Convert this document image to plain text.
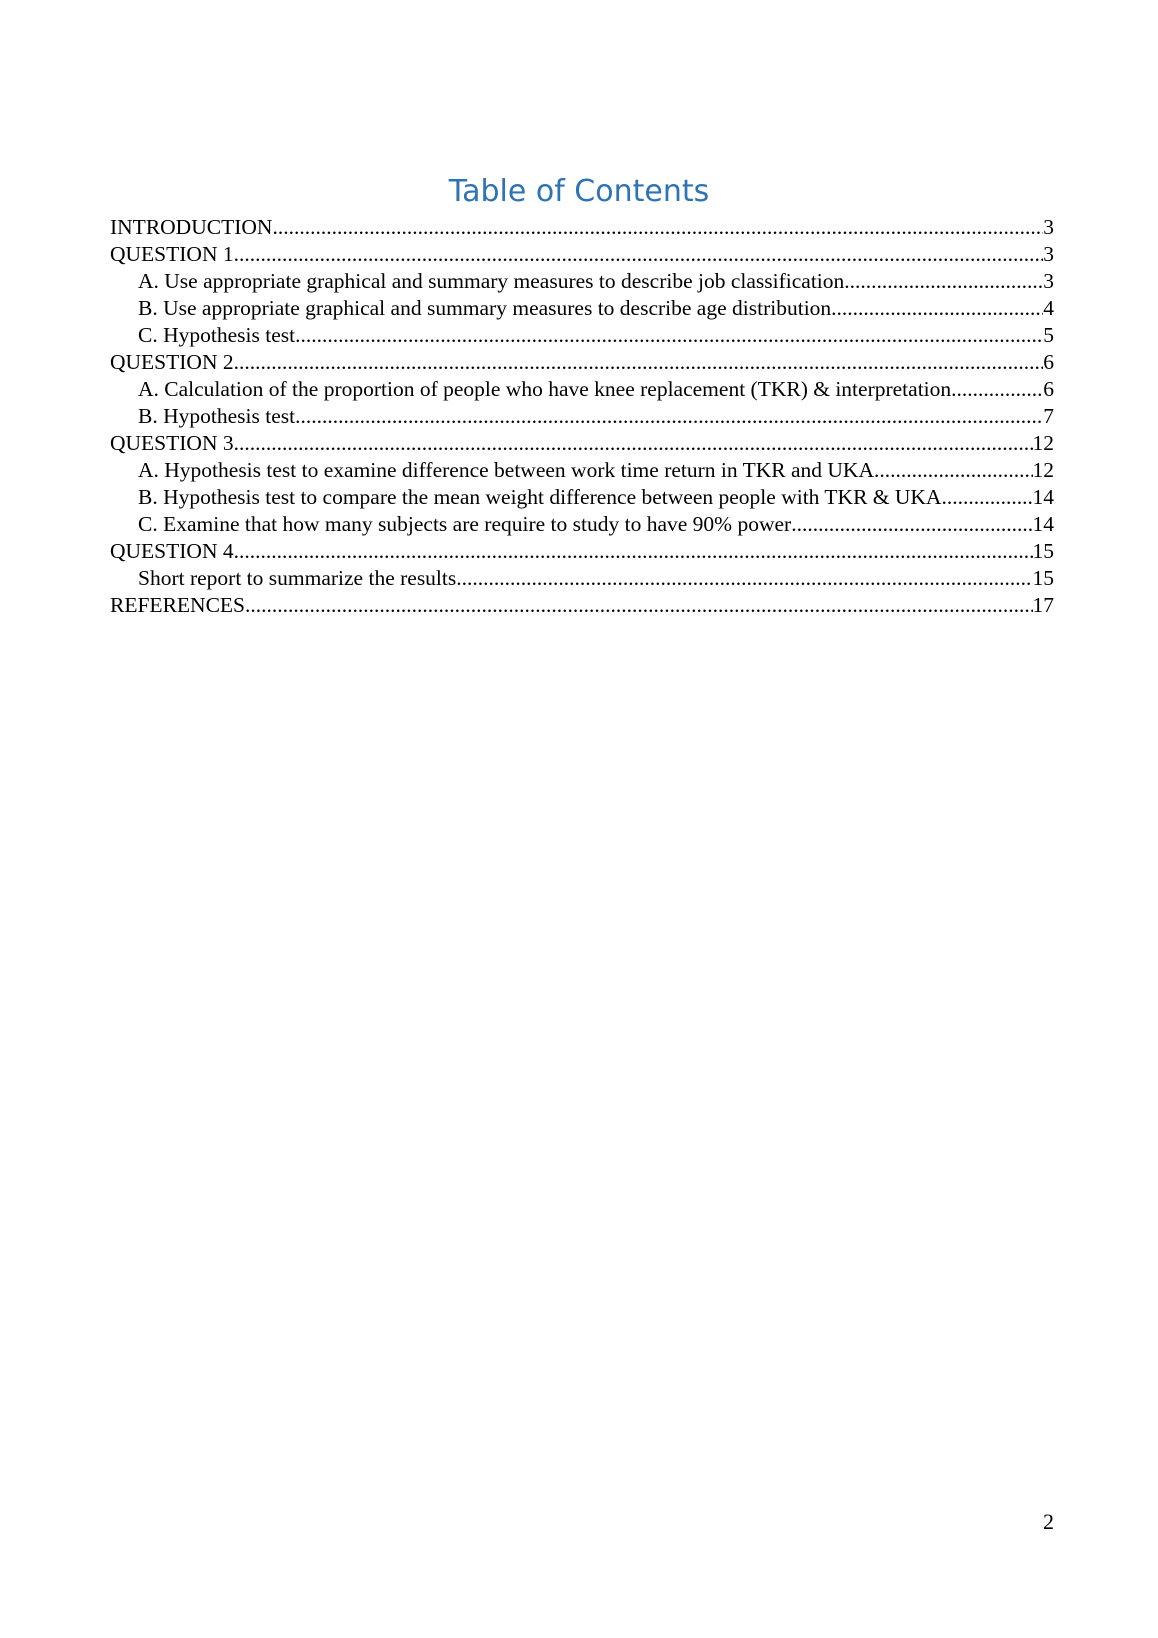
Table of Contents
INTRODUCTION .....	3
QUESTION 1 .....	3
A. Use appropriate graphical and summary measures to describe job classification .....	3
B. Use appropriate graphical and summary measures to describe age distribution .....	4
C. Hypothesis test .....	5
QUESTION 2 .....	6
A. Calculation of the proportion of people who have knee replacement (TKR) & interpretation .....	6
B. Hypothesis test .....	7
QUESTION 3 .....	12
A. Hypothesis test to examine difference between work time return in TKR and UKA .....	12
B. Hypothesis test to compare the mean weight difference between people with TKR & UKA .....	14
C. Examine that how many subjects are require to study to have 90% power .....	14
QUESTION 4 .....	15
Short report to summarize the results .....	15
REFERENCES .....	17
2
